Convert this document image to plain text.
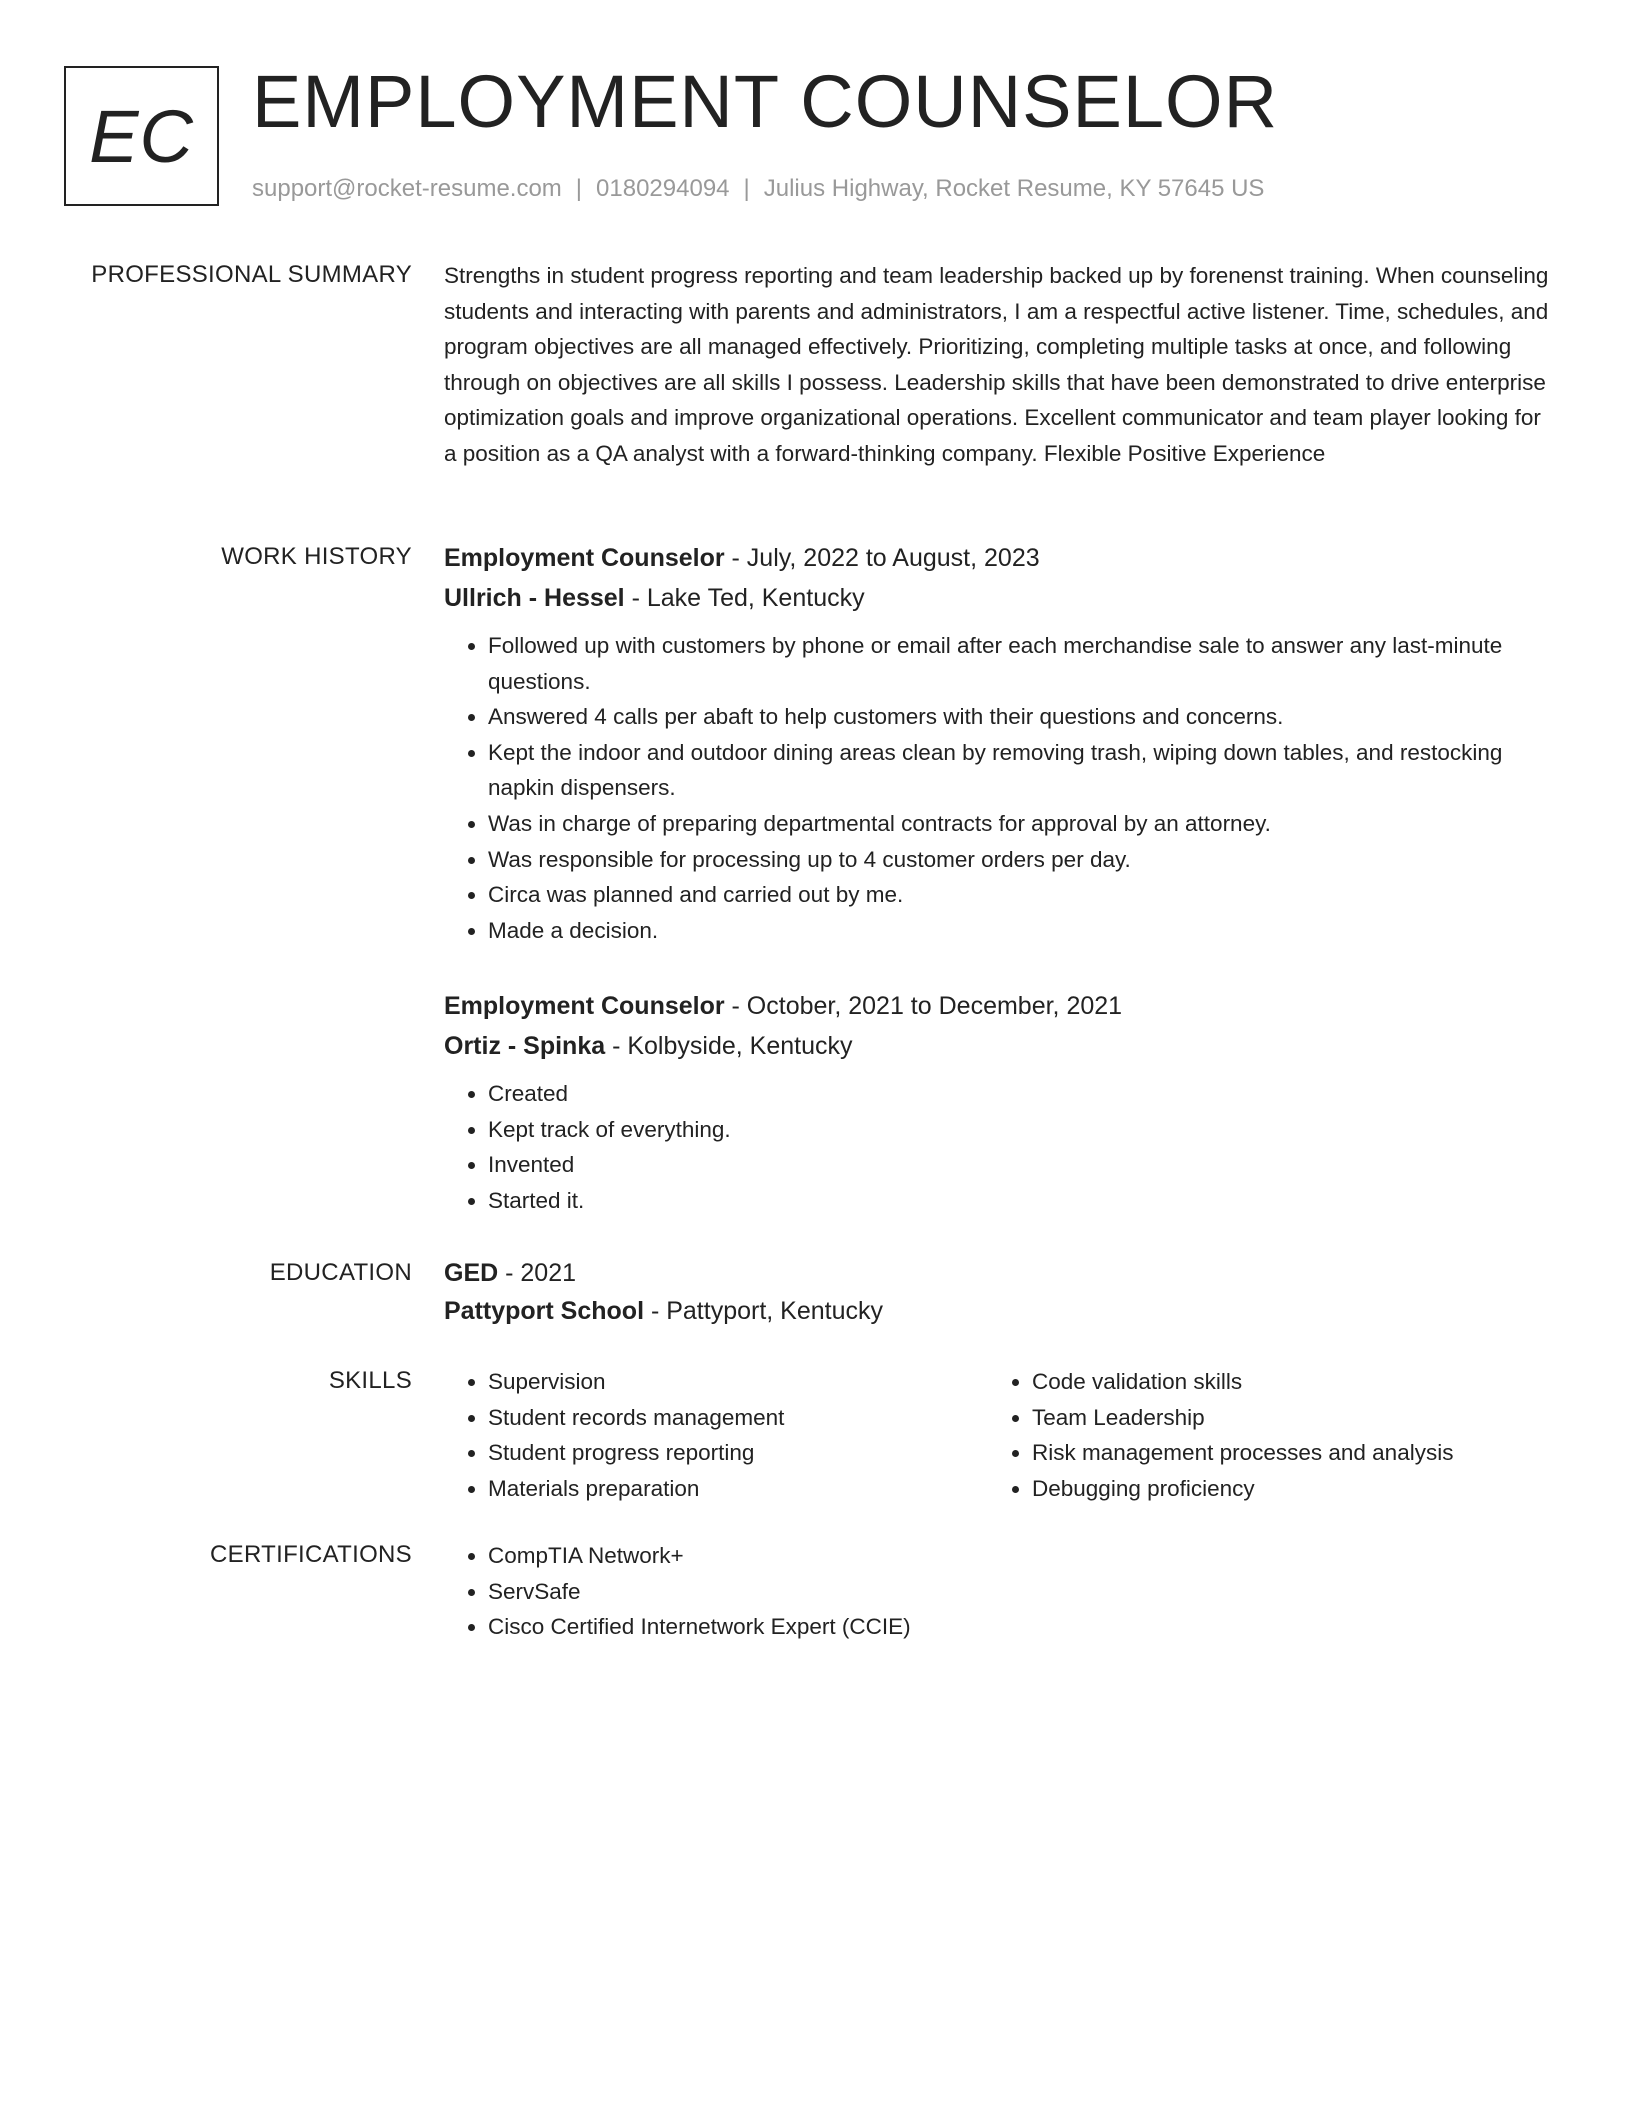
EC EMPLOYMENT COUNSELOR
support@rocket-resume.com | 0180294094 | Julius Highway, Rocket Resume, KY 57645 US
PROFESSIONAL SUMMARY Strengths in student progress reporting and team leadership backed up by forenenst training. When counseling students and interacting with parents and administrators, I am a respectful active listener. Time, schedules, and program objectives are all managed effectively. Prioritizing, completing multiple tasks at once, and following through on objectives are all skills I possess. Leadership skills that have been demonstrated to drive enterprise optimization goals and improve organizational operations. Excellent communicator and team player looking for a position as a QA analyst with a forward-thinking company. Flexible Positive Experience

WORK HISTORY Employment Counselor - July, 2022 to August, 2023
Ullrich - Hessel - Lake Ted, Kentucky
• Followed up with customers by phone or email after each merchandise sale to answer any last-minute questions.
• Answered 4 calls per abaft to help customers with their questions and concerns.
• Kept the indoor and outdoor dining areas clean by removing trash, wiping down tables, and restocking napkin dispensers.
• Was in charge of preparing departmental contracts for approval by an attorney.
• Was responsible for processing up to 4 customer orders per day.
• Circa was planned and carried out by me.
• Made a decision.
Employment Counselor - October, 2021 to December, 2021
Ortiz - Spinka - Kolbyside, Kentucky
• Created
• Kept track of everything.
• Invented
• Started it.
EDUCATION GED - 2021
Pattyport School - Pattyport, Kentucky
SKILLS	• Supervision
• Student records management
• Student progress reporting
• Materials preparation
• Code validation skills
• Team Leadership
• Risk management processes and analysis
• Debugging proficiency
CERTIFICATIONS	• CompTIA Network+
• ServSafe
• Cisco Certified Internetwork Expert (CCIE)
